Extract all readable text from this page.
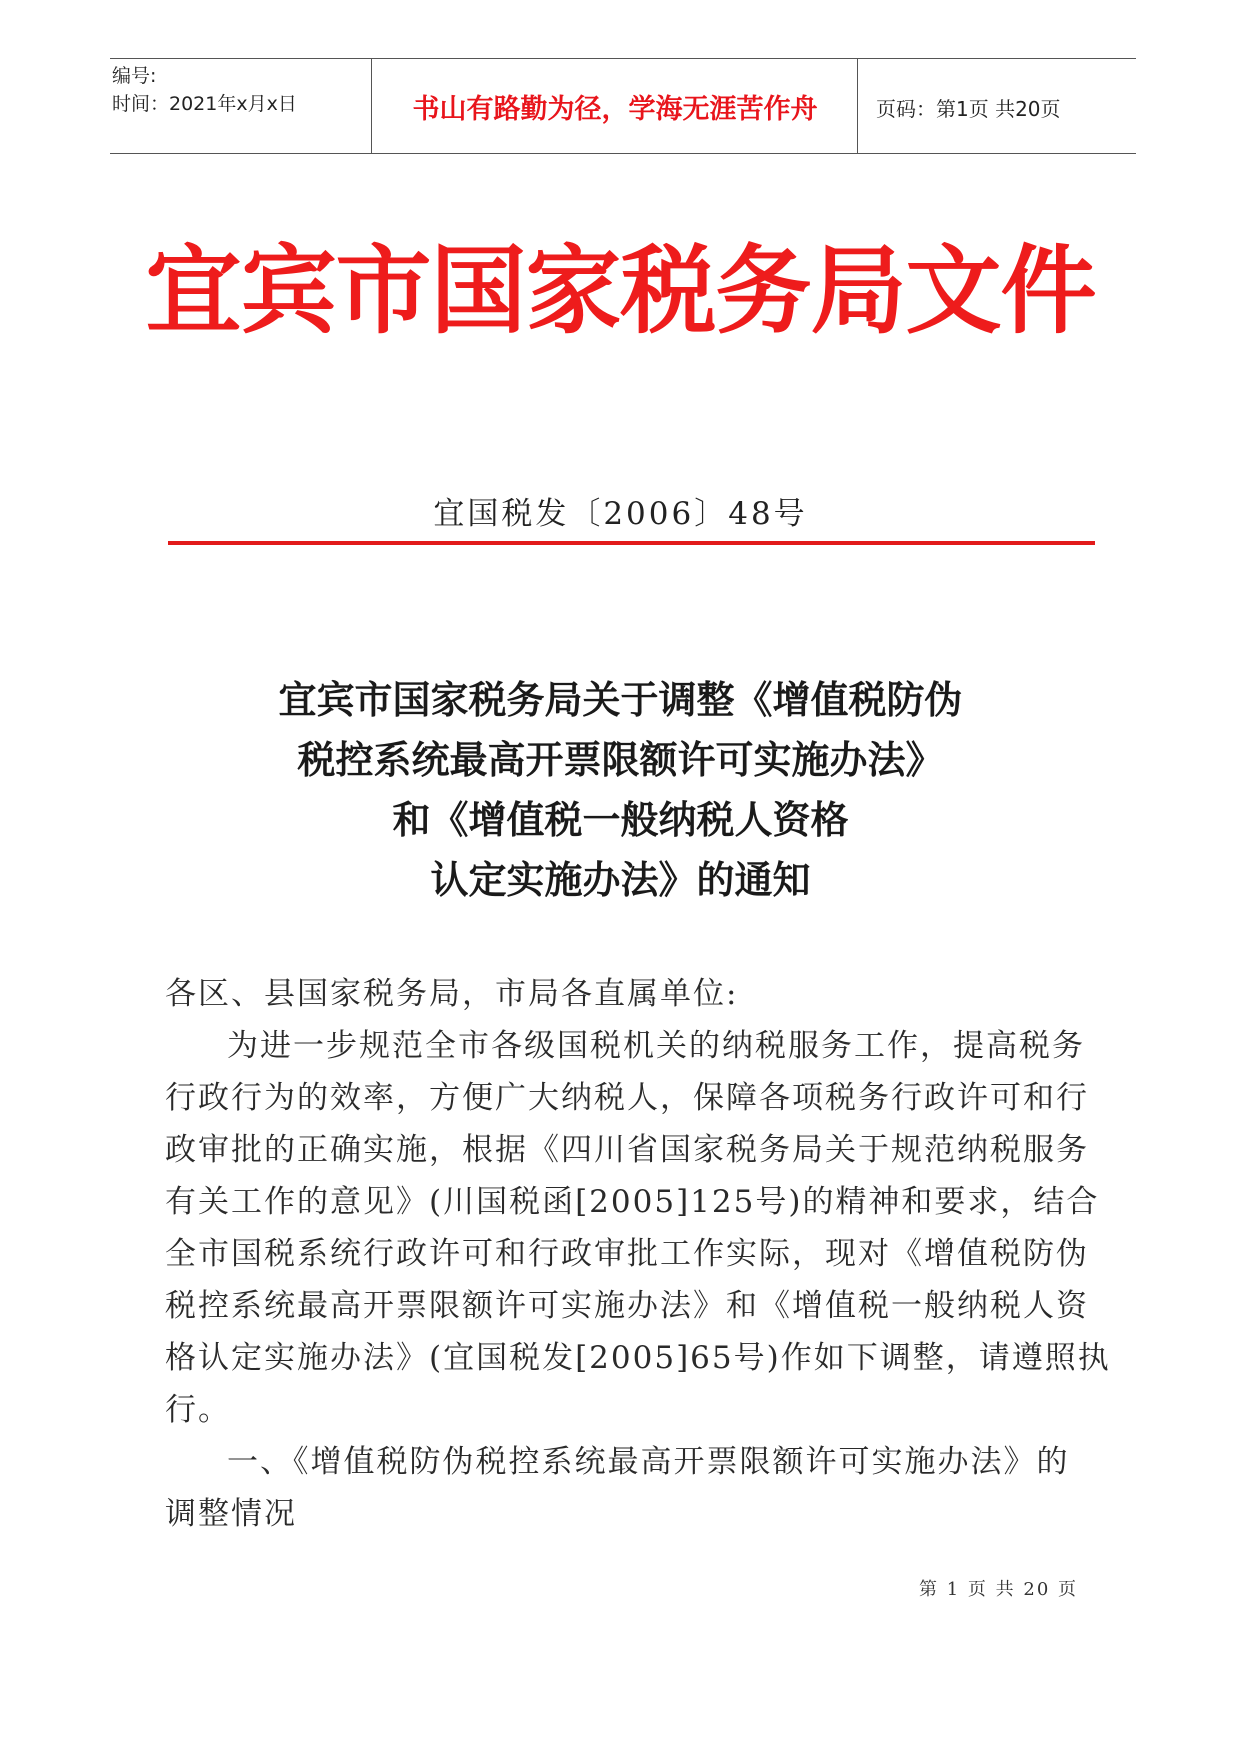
编号:
时间：2021年x月x日	书山有路勤为径，学海无涯苦作舟	页码：第1页 共20页
宜宾市国家税务局文件
宜国税发〔2006〕48号
宜宾市国家税务局关于调整《增值税防伪
税控系统最高开票限额许可实施办法》
和《增值税一般纳税人资格
认定实施办法》的通知
各区、县国家税务局，市局各直属单位:
为进一步规范全市各级国税机关的纳税服务工作，提高税务
行政行为的效率，方便广大纳税人，保障各项税务行政许可和行
政审批的正确实施，根据《四川省国家税务局关于规范纳税服务
有关工作的意见》(川国税函[2005]125号)的精神和要求，结合
全市国税系统行政许可和行政审批工作实际，现对《增值税防伪
税控系统最高开票限额许可实施办法》和《增值税一般纳税人资
格认定实施办法》(宜国税发[2005]65号)作如下调整，请遵照执
行。
一、《增值税防伪税控系统最高开票限额许可实施办法》的
调整情况
第 1 页 共 20 页
